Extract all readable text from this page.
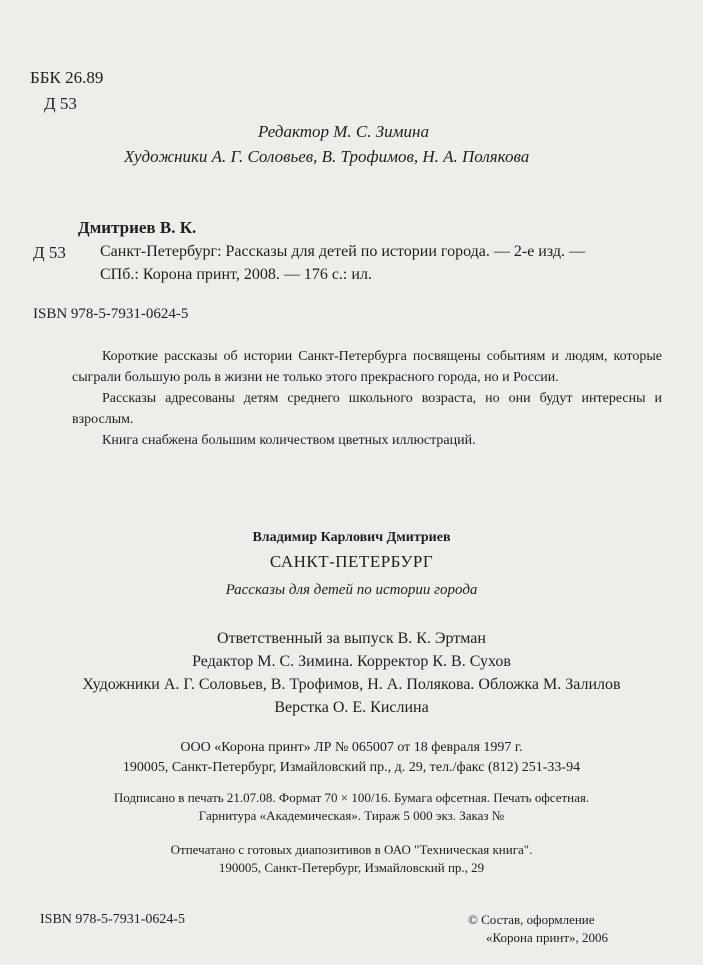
ББК 26.89
Д 53
Редактор М. С. Зимина
Художники А. Г. Соловьев, В. Трофимов, Н. А. Полякова
Дмитриев В. К.
Д 53 Санкт-Петербург: Рассказы для детей по истории города. — 2-е изд. —
СПб.: Корона принт, 2008. — 176 с.: ил.
ISBN 978-5-7931-0624-5
Короткие рассказы об истории Санкт-Петербурга посвящены событиям и людям, которые сыграли большую роль в жизни не только этого прекрасного города, но и России.
Рассказы адресованы детям среднего школьного возраста, но они будут интересны и взрослым.
Книга снабжена большим количеством цветных иллюстраций.
Владимир Карлович Дмитриев
САНКТ-ПЕТЕРБУРГ
Рассказы для детей по истории города
Ответственный за выпуск В. К. Эртман
Редактор М. С. Зимина. Корректор К. В. Сухов
Художники А. Г. Соловьев, В. Трофимов, Н. А. Полякова. Обложка М. Залилов
Верстка О. Е. Кислина
ООО «Корона принт» ЛР № 065007 от 18 февраля 1997 г.
190005, Санкт-Петербург, Измайловский пр., д. 29, тел./факс (812) 251-33-94
Подписано в печать 21.07.08. Формат 70 × 100/16. Бумага офсетная. Печать офсетная.
Гарнитура «Академическая». Тираж 5 000 экз. Заказ №
Отпечатано с готовых диапозитивов в ОАО "Техническая книга".
190005, Санкт-Петербург, Измайловский пр., 29
ISBN 978-5-7931-0624-5	© Состав, оформление
«Корона принт», 2006
